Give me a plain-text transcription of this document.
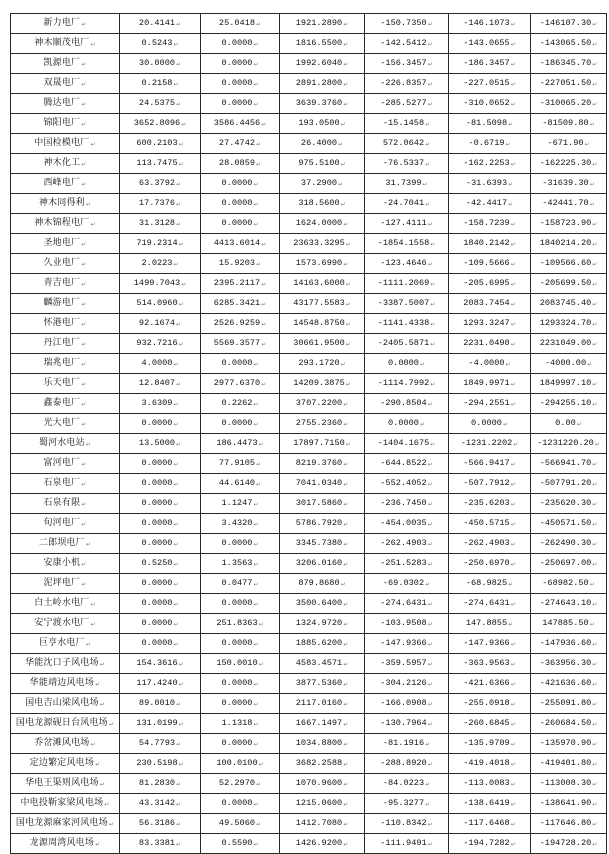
新力电厂 ↵	20.4141 ↵	25.0418 ↵	1921.2890 ↵	-150.7350 ↵	-146.1073 ↵	-146107.30 ↵
神木顺茂电厂 ↵	0.5243 ↵	0.0000 ↵	1816.5500 ↵	-142.5412 ↵	-143.0655 ↵	-143065.50 ↵
凯源电厂 ↵	30.0000 ↵	0.0000 ↵	1992.6040 ↵	-156.3457 ↵	-186.3457 ↵	-186345.70 ↵
双晟电厂 ↵	0.2158 ↵	0.0000 ↵	2891.2800 ↵	-226.8357 ↵	-227.0515 ↵	-227051.50 ↵
腾达电厂 ↵	24.5375 ↵	0.0000 ↵	3639.3760 ↵	-285.5277 ↵	-310.0652 ↵	-310065.20 ↵
锦阳电厂 ↵	3652.8096 ↵	3586.4456 ↵	193.0500 ↵	-15.1458 ↵	-81.5098 ↵	-81509.80 ↵
中国检模电厂 ↵	600.2103 ↵	27.4742 ↵	26.4000 ↵	572.0642 ↵	-0.6719 ↵	-671.90 ↵
神木化工 ↵	113.7475 ↵	28.0859 ↵	975.5100 ↵	-76.5337 ↵	-162.2253 ↵	-162225.30 ↵
西峰电厂 ↵	63.3792 ↵	0.0000 ↵	37.2900 ↵	31.7399 ↵	-31.6393 ↵	-31639.30 ↵
神木同得利 ↵	17.7376 ↵	0.0000 ↵	318.5600 ↵	-24.7041 ↵	-42.4417 ↵	-42441.70 ↵
神木锦程电厂 ↵	31.3128 ↵	0.0000 ↵	1624.0000 ↵	-127.4111 ↵	-158.7239 ↵	-158723.90 ↵
圣地电厂 ↵	719.2314 ↵	4413.6014 ↵	23633.3295 ↵	-1854.1558 ↵	1840.2142 ↵	1840214.20 ↵
久业电厂 ↵	2.0223 ↵	15.9203 ↵	1573.6990 ↵	-123.4646 ↵	-109.5666 ↵	-109566.60 ↵
青吉电厂 ↵	1499.7043 ↵	2395.2117 ↵	14163.6000 ↵	-1111.2069 ↵	-205.6995 ↵	-205699.50 ↵
麟游电厂 ↵	514.0960 ↵	6285.3421 ↵	43177.5583 ↵	-3387.5007 ↵	2083.7454 ↵	2083745.40 ↵
怀港电厂 ↵	92.1674 ↵	2526.9259 ↵	14548.8750 ↵	-1141.4338 ↵	1293.3247 ↵	1293324.70 ↵
丹江电厂 ↵	932.7216 ↵	5569.3577 ↵	30661.9500 ↵	-2405.5871 ↵	2231.0490 ↵	2231049.00 ↵
瑞兆电厂 ↵	4.0000 ↵	0.0000 ↵	293.1720 ↵	0.0000 ↵	-4.0000 ↵	-4000.00 ↵
乐天电厂 ↵	12.8407 ↵	2977.6370 ↵	14209.3875 ↵	-1114.7992 ↵	1849.9971 ↵	1849997.10 ↵
鑫泰电厂 ↵	3.6309 ↵	0.2262 ↵	3707.2200 ↵	-290.8504 ↵	-294.2551 ↵	-294255.10 ↵
光大电厂 ↵	0.0000 ↵	0.0000 ↵	2755.2360 ↵	0.0000 ↵	0.0000 ↵	0.00 ↵
蜀河水电站 ↵	13.5000 ↵	186.4473 ↵	17897.7150 ↵	-1404.1675 ↵	-1231.2202 ↵	-1231220.20 ↵
富河电厂 ↵	0.0000 ↵	77.9105 ↵	8219.3760 ↵	-644.8522 ↵	-566.9417 ↵	-566941.70 ↵
石泉电厂 ↵	0.0000 ↵	44.6140 ↵	7041.0340 ↵	-552.4052 ↵	-507.7912 ↵	-507791.20 ↵
石泉有限 ↵	0.0000 ↵	1.1247 ↵	3017.5860 ↵	-236.7450 ↵	-235.6203 ↵	-235620.30 ↵
旬河电厂 ↵	0.0000 ↵	3.4320 ↵	5786.7920 ↵	-454.0035 ↵	-450.5715 ↵	-450571.50 ↵
二郎坝电厂 ↵	0.0000 ↵	0.0000 ↵	3345.7380 ↵	-262.4903 ↵	-262.4903 ↵	-262490.30 ↵
安康小机 ↵	0.5250 ↵	1.3563 ↵	3206.0160 ↵	-251.5283 ↵	-250.6970 ↵	-250697.00 ↵
泥坪电厂 ↵	0.0000 ↵	0.0477 ↵	879.8680 ↵	-69.0302 ↵	-68.9825 ↵	-68982.50 ↵
白土岭水电厂 ↵	0.0000 ↵	0.0000 ↵	3500.6400 ↵	-274.6431 ↵	-274.6431 ↵	-274643.10 ↵
安宁渡水电厂 ↵	0.0000 ↵	251.8363 ↵	1324.9720 ↵	-103.9508 ↵	147.8855 ↵	147885.50 ↵
巨亨水电厂 ↵	0.0000 ↵	0.0000 ↵	1885.6200 ↵	-147.9366 ↵	-147.9366 ↵	-147936.60 ↵
华能沈口子风电场 ↵	154.3616 ↵	150.0010 ↵	4583.4571 ↵	-359.5957 ↵	-363.9563 ↵	-363956.30 ↵
华能靖边风电场 ↵	117.4240 ↵	0.0000 ↵	3877.5360 ↵	-304.2126 ↵	-421.6366 ↵	-421636.60 ↵
国电吉山梁风电场 ↵	89.0010 ↵	0.0000 ↵	2117.0160 ↵	-166.0908 ↵	-255.0918 ↵	-255091.80 ↵
国电龙源砚日台风电场 ↵	131.0199 ↵	1.1318 ↵	1667.1497 ↵	-130.7964 ↵	-260.6845 ↵	-260684.50 ↵
乔岔滩风电场 ↵	54.7793 ↵	0.0000 ↵	1034.8800 ↵	-81.1916 ↵	-135.9709 ↵	-135970.90 ↵
定边繁定风电场 ↵	230.5198 ↵	100.0100 ↵	3682.2588 ↵	-288.8920 ↵	-419.4018 ↵	-419401.80 ↵
华电王渠则风电场 ↵	81.2830 ↵	52.2970 ↵	1070.9600 ↵	-84.0223 ↵	-113.0083 ↵	-113008.30 ↵
中电投靳家梁风电场 ↵	43.3142 ↵	0.0000 ↵	1215.0600 ↵	-95.3277 ↵	-138.6419 ↵	-138641.90 ↵
国电龙源麻家河风电场 ↵	56.3186 ↵	49.5060 ↵	1412.7080 ↵	-110.8342 ↵	-117.6468 ↵	-117646.80 ↵
龙源周湾风电场 ↵	83.3381 ↵	0.5590 ↵	1426.9200 ↵	-111.9491 ↵	-194.7282 ↵	-194728.20 ↵
